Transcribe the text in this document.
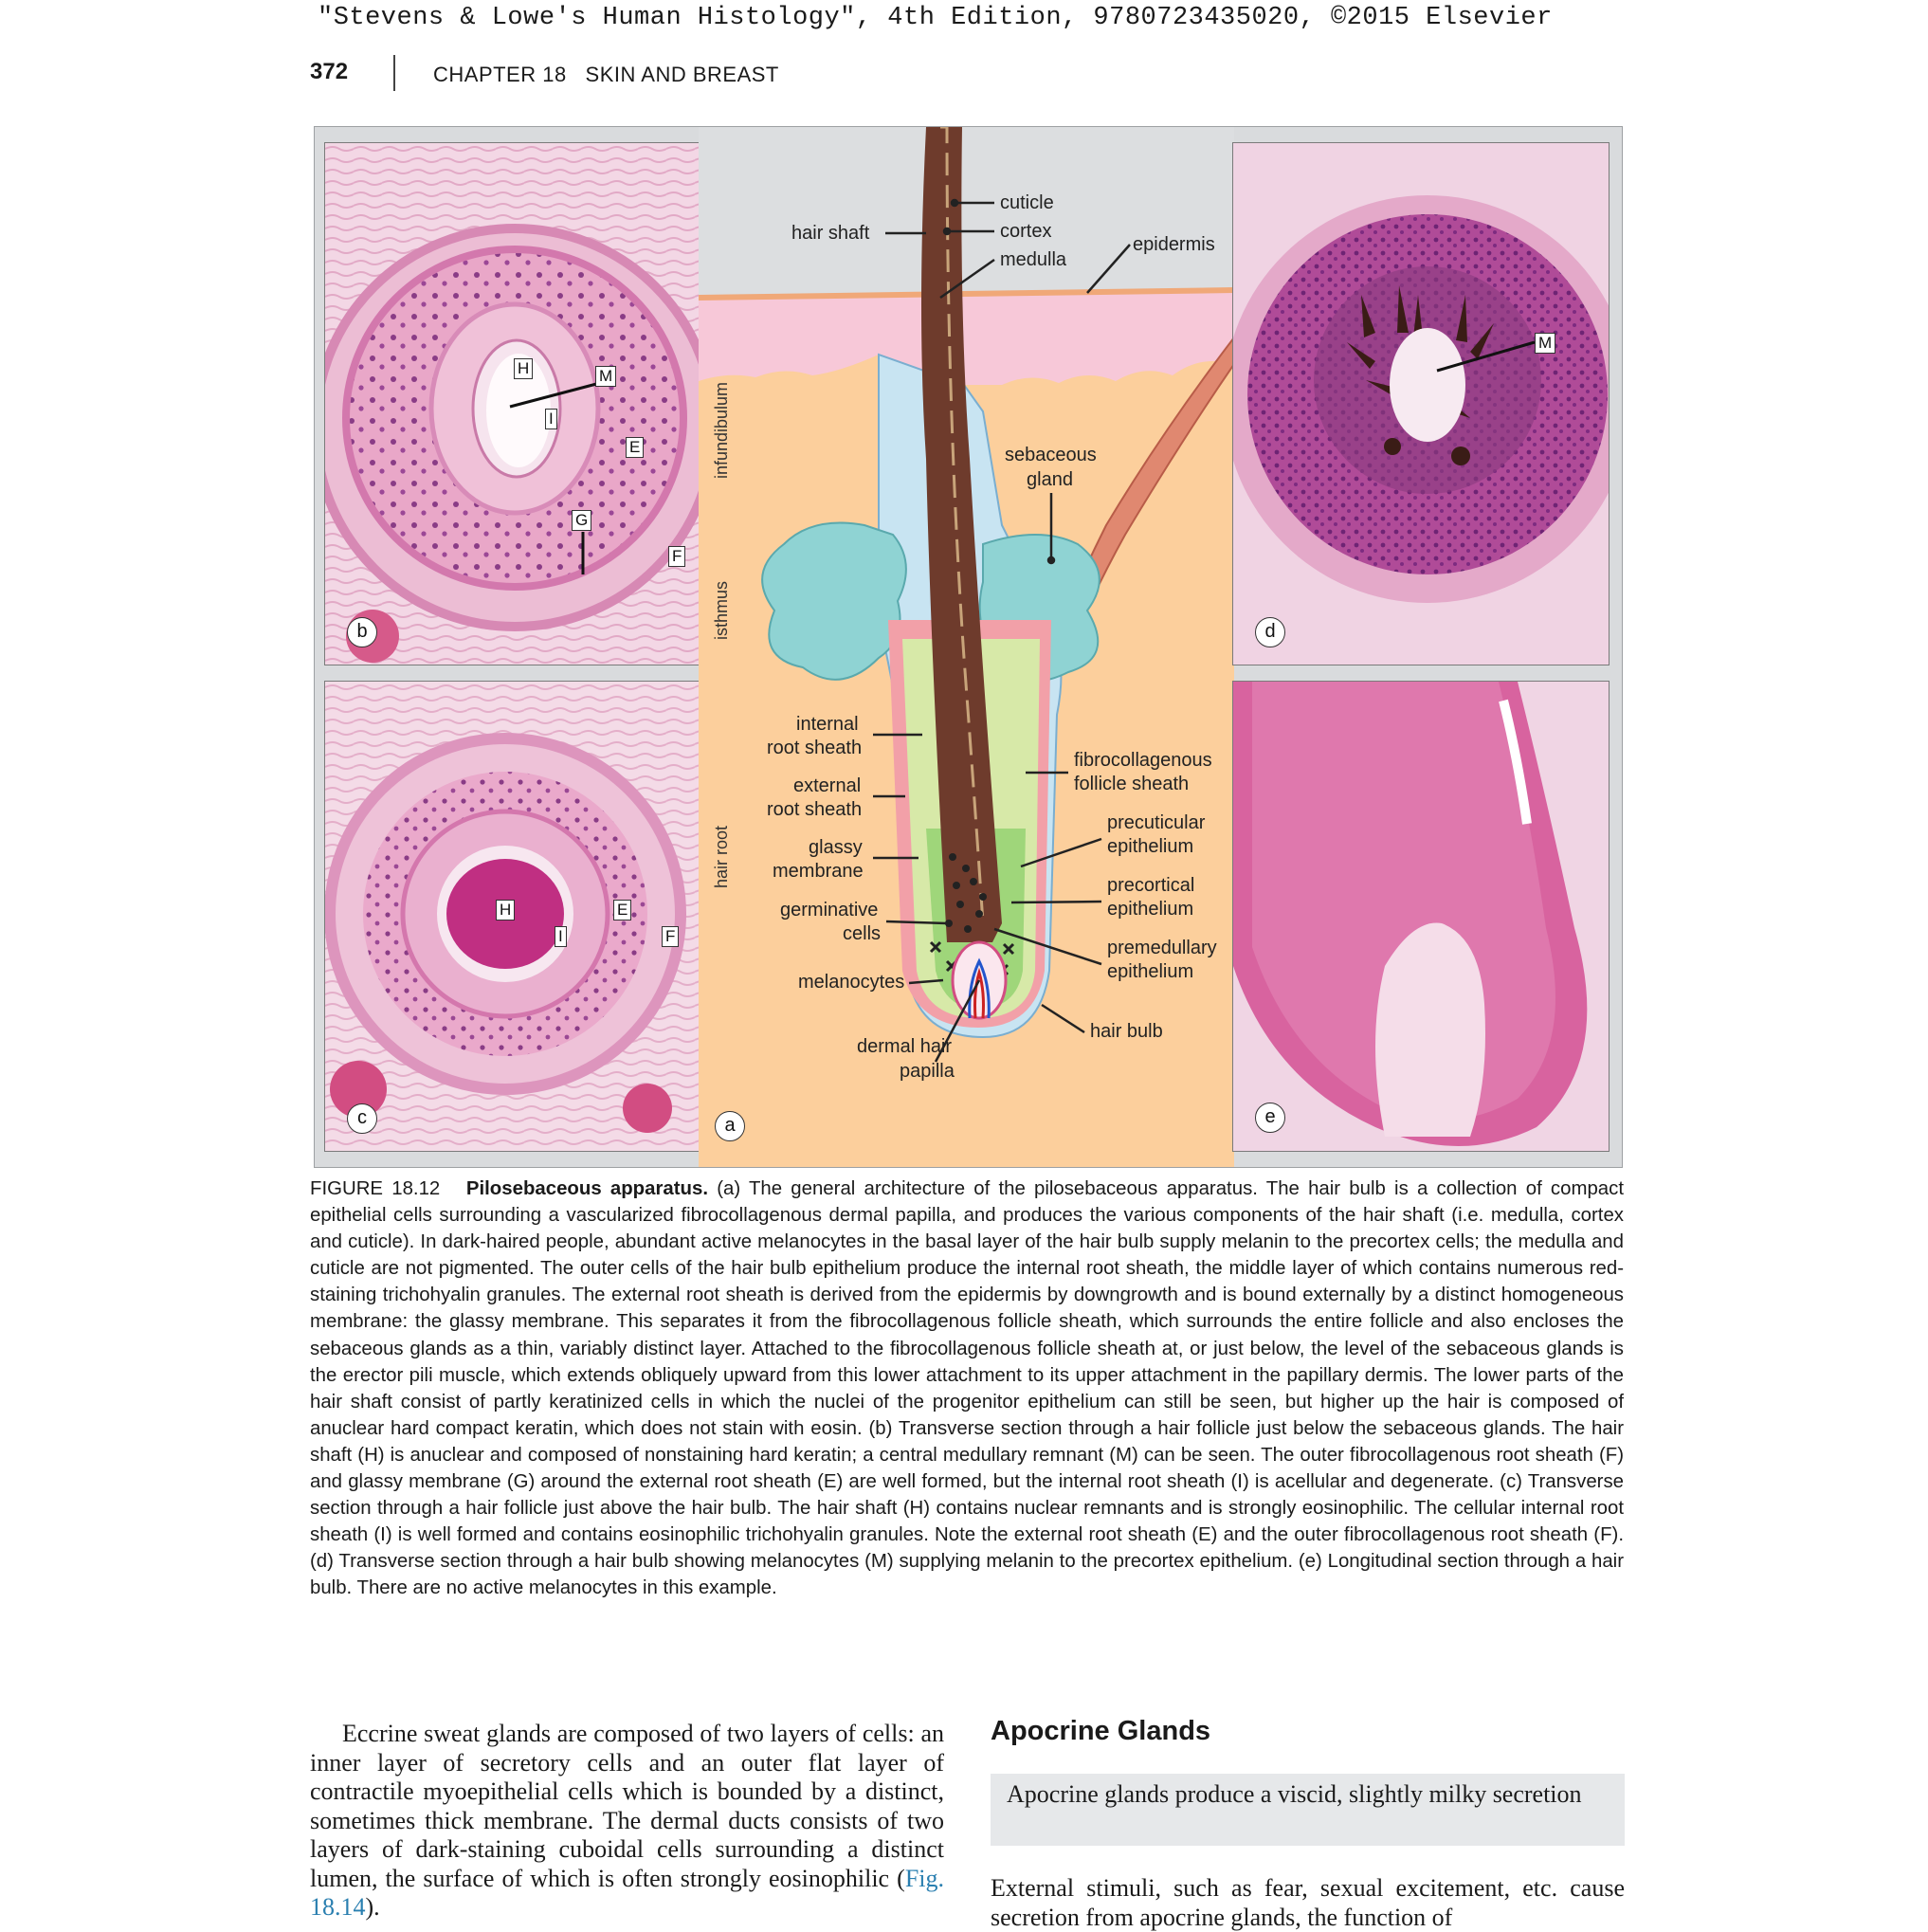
"Stevens & Lowe's Human Histology", 4th Edition, 9780723435020, ©2015 Elsevier
372	CHAPTER 18   SKIN AND BREAST
H	M
I
E
G
F
b
H
I
E
F
c
infundibulum
isthmus
hair root
cuticle
cortex
medulla
hair shaft
epidermis
sebaceous
gland
internal
root sheath
external
root sheath
glassy
membrane
germinative
cells
melanocytes
dermal hair
papilla
fibrocollagenous
follicle sheath
precuticular
epithelium
precortical
epithelium
premedullary
epithelium
hair bulb
a
M
d
e
FIGURE 18.12 Pilosebaceous apparatus. (a) The general architecture of the pilosebaceous apparatus. The hair bulb is a collection of compact epithelial cells surrounding a vascularized fibrocollagenous dermal papilla, and produces the various components of the hair shaft (i.e. medulla, cortex and cuticle). In dark-haired people, abundant active melanocytes in the basal layer of the hair bulb supply melanin to the precortex cells; the medulla and cuticle are not pigmented. The outer cells of the hair bulb epithelium produce the internal root sheath, the middle layer of which contains numerous red-staining trichohyalin granules. The external root sheath is derived from the epidermis by downgrowth and is bound externally by a distinct homogeneous membrane: the glassy membrane. This separates it from the fibrocollagenous follicle sheath, which surrounds the entire follicle and also encloses the sebaceous glands as a thin, variably distinct layer. Attached to the fibrocollagenous follicle sheath at, or just below, the level of the sebaceous glands is the erector pili muscle, which extends obliquely upward from this lower attachment to its upper attachment in the papillary dermis. The lower parts of the hair shaft consist of partly keratinized cells in which the nuclei of the progenitor epithelium can still be seen, but higher up the hair is composed of anuclear hard compact keratin, which does not stain with eosin. (b) Transverse section through a hair follicle just below the sebaceous glands. The hair shaft (H) is anuclear and composed of nonstaining hard keratin; a central medullary remnant (M) can be seen. The outer fibrocollagenous root sheath (F) and glassy membrane (G) around the external root sheath (E) are well formed, but the internal root sheath (I) is acellular and degenerate. (c) Transverse section through a hair follicle just above the hair bulb. The hair shaft (H) contains nuclear remnants and is strongly eosinophilic. The cellular internal root sheath (I) is well formed and contains eosinophilic trichohyalin granules. Note the external root sheath (E) and the outer fibrocollagenous root sheath (F). (d) Transverse section through a hair bulb showing melanocytes (M) supplying melanin to the precortex epithelium. (e) Longitudinal section through a hair bulb. There are no active melanocytes in this example.

Eccrine sweat glands are composed of two layers of cells: an inner layer of secretory cells and an outer flat layer of contractile myoepithelial cells which is bounded by a distinct, sometimes thick membrane. The dermal ducts consists of two layers of dark-staining cuboidal cells surrounding a distinct lumen, the surface of which is often strongly eosinophilic (Fig. 18.14).

Apocrine Glands
Apocrine glands produce a viscid, slightly milky secretion

External stimuli, such as fear, sexual excitement, etc. cause secretion from apocrine glands, the function of
